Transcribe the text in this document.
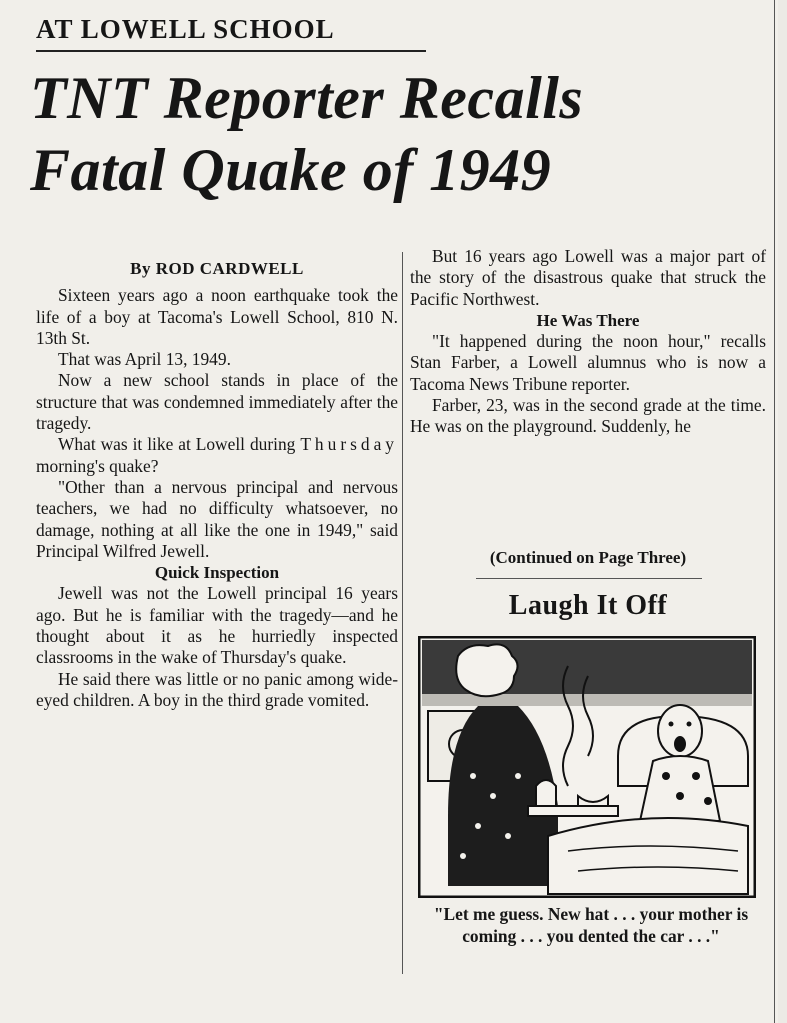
AT LOWELL SCHOOL
TNT Reporter Recalls
Fatal Quake of 1949

By ROD CARDWELL

Sixteen years ago a noon earthquake took the life of a boy at Tacoma's Lowell School, 810 N. 13th St.

That was April 13, 1949.

Now a new school stands in place of the structure that was condemned immediately after the tragedy.

What was it like at Lowell during Thursday morning's quake?

"Other than a nervous principal and nervous teachers, we had no difficulty whatsoever, no damage, nothing at all like the one in 1949," said Principal Wilfred Jewell.

Quick Inspection

Jewell was not the Lowell principal 16 years ago. But he is familiar with the tragedy—and he thought about it as he hurriedly inspected classrooms in the wake of Thursday's quake.

He said there was little or no panic among wide-eyed children. A boy in the third grade vomited.

But 16 years ago Lowell was a major part of the story of the disastrous quake that struck the Pacific Northwest.

He Was There

"It happened during the noon hour," recalls Stan Farber, a Lowell alumnus who is now a Tacoma News Tribune reporter.

Farber, 23, was in the second grade at the time. He was on the playground. Suddenly, he

(Continued on Page Three)
Laugh It Off
"Let me guess. New hat . . . your mother is coming . . . you dented the car . . ."
